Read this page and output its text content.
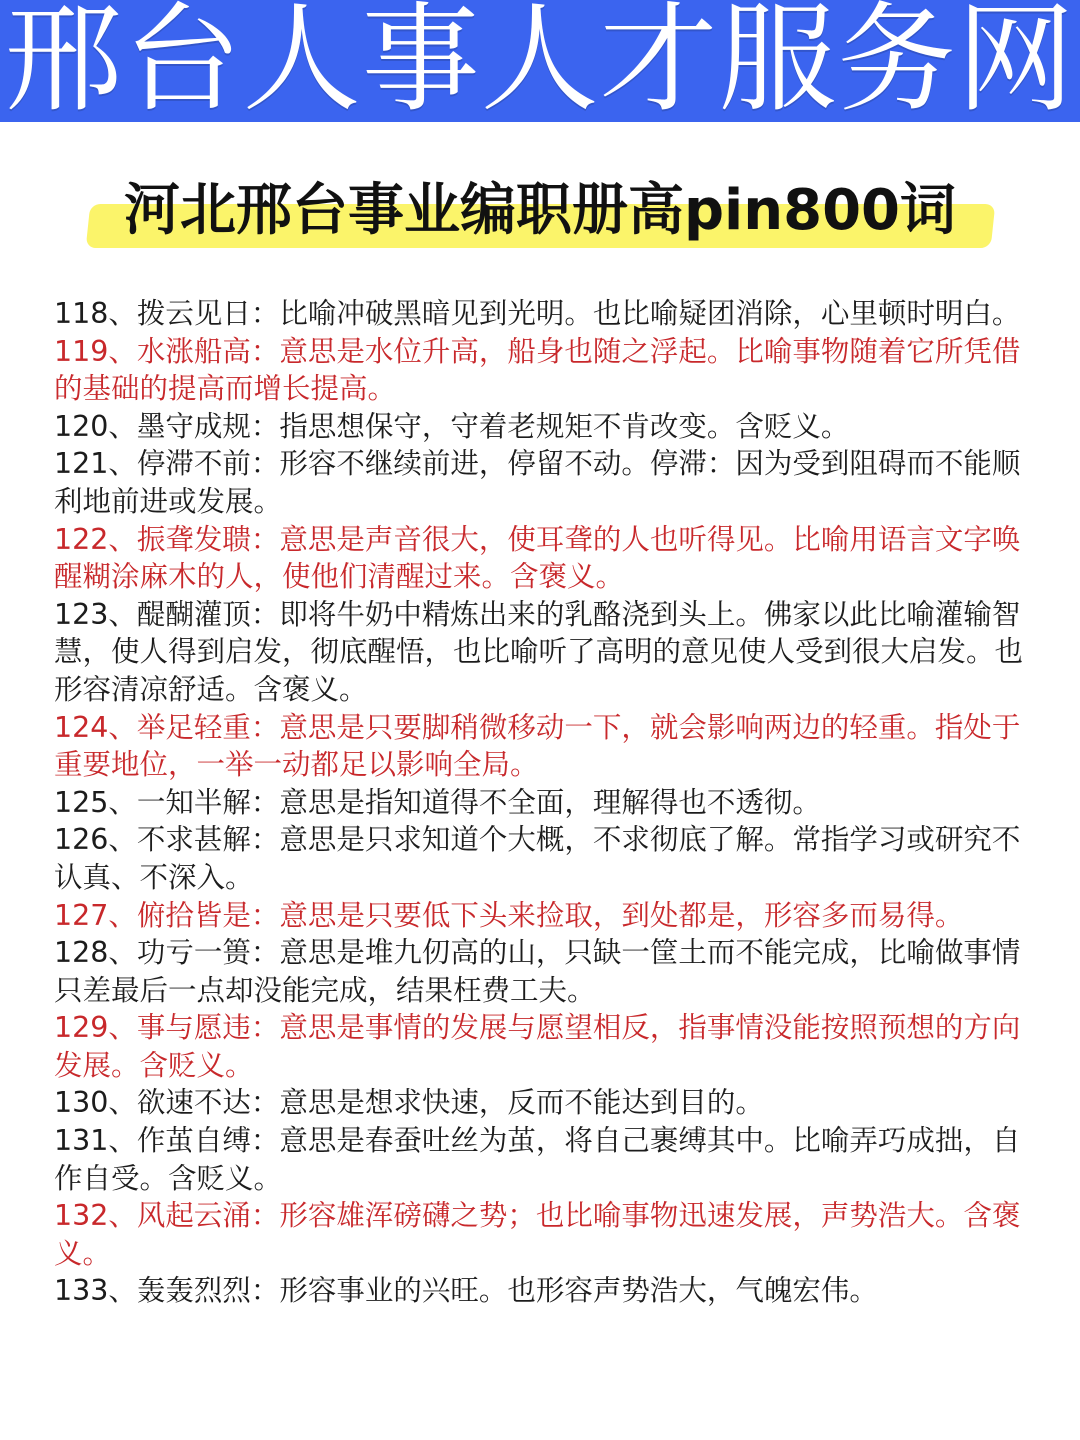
邢台人事人才服务网
河北邢台事业编职册高pin800词

118、拨云见日：比喻冲破黑暗见到光明。也比喻疑团消除，心里顿时明白。

119、水涨船高：意思是水位升高，船身也随之浮起。比喻事物随着它所凭借的基础的提高而增长提高。

120、墨守成规：指思想保守，守着老规矩不肯改变。含贬义。

121、停滞不前：形容不继续前进，停留不动。停滞：因为受到阻碍而不能顺利地前进或发展。

122、振聋发聩：意思是声音很大，使耳聋的人也听得见。比喻用语言文字唤醒糊涂麻木的人，使他们清醒过来。含褒义。

123、醍醐灌顶：即将牛奶中精炼出来的乳酪浇到头上。佛家以此比喻灌输智慧，使人得到启发，彻底醒悟，也比喻听了高明的意见使人受到很大启发。也形容清凉舒适。含褒义。

124、举足轻重：意思是只要脚稍微移动一下，就会影响两边的轻重。指处于重要地位，一举一动都足以影响全局。

125、一知半解：意思是指知道得不全面，理解得也不透彻。

126、不求甚解：意思是只求知道个大概，不求彻底了解。常指学习或研究不认真、不深入。

127、俯拾皆是：意思是只要低下头来捡取，到处都是，形容多而易得。

128、功亏一篑：意思是堆九仞高的山，只缺一筐土而不能完成，比喻做事情只差最后一点却没能完成，结果枉费工夫。

129、事与愿违：意思是事情的发展与愿望相反，指事情没能按照预想的方向发展。含贬义。

130、欲速不达：意思是想求快速，反而不能达到目的。

131、作茧自缚：意思是春蚕吐丝为茧，将自己裹缚其中。比喻弄巧成拙，自作自受。含贬义。

132、风起云涌：形容雄浑磅礴之势；也比喻事物迅速发展，声势浩大。含褒义。

133、轰轰烈烈：形容事业的兴旺。也形容声势浩大，气魄宏伟。
